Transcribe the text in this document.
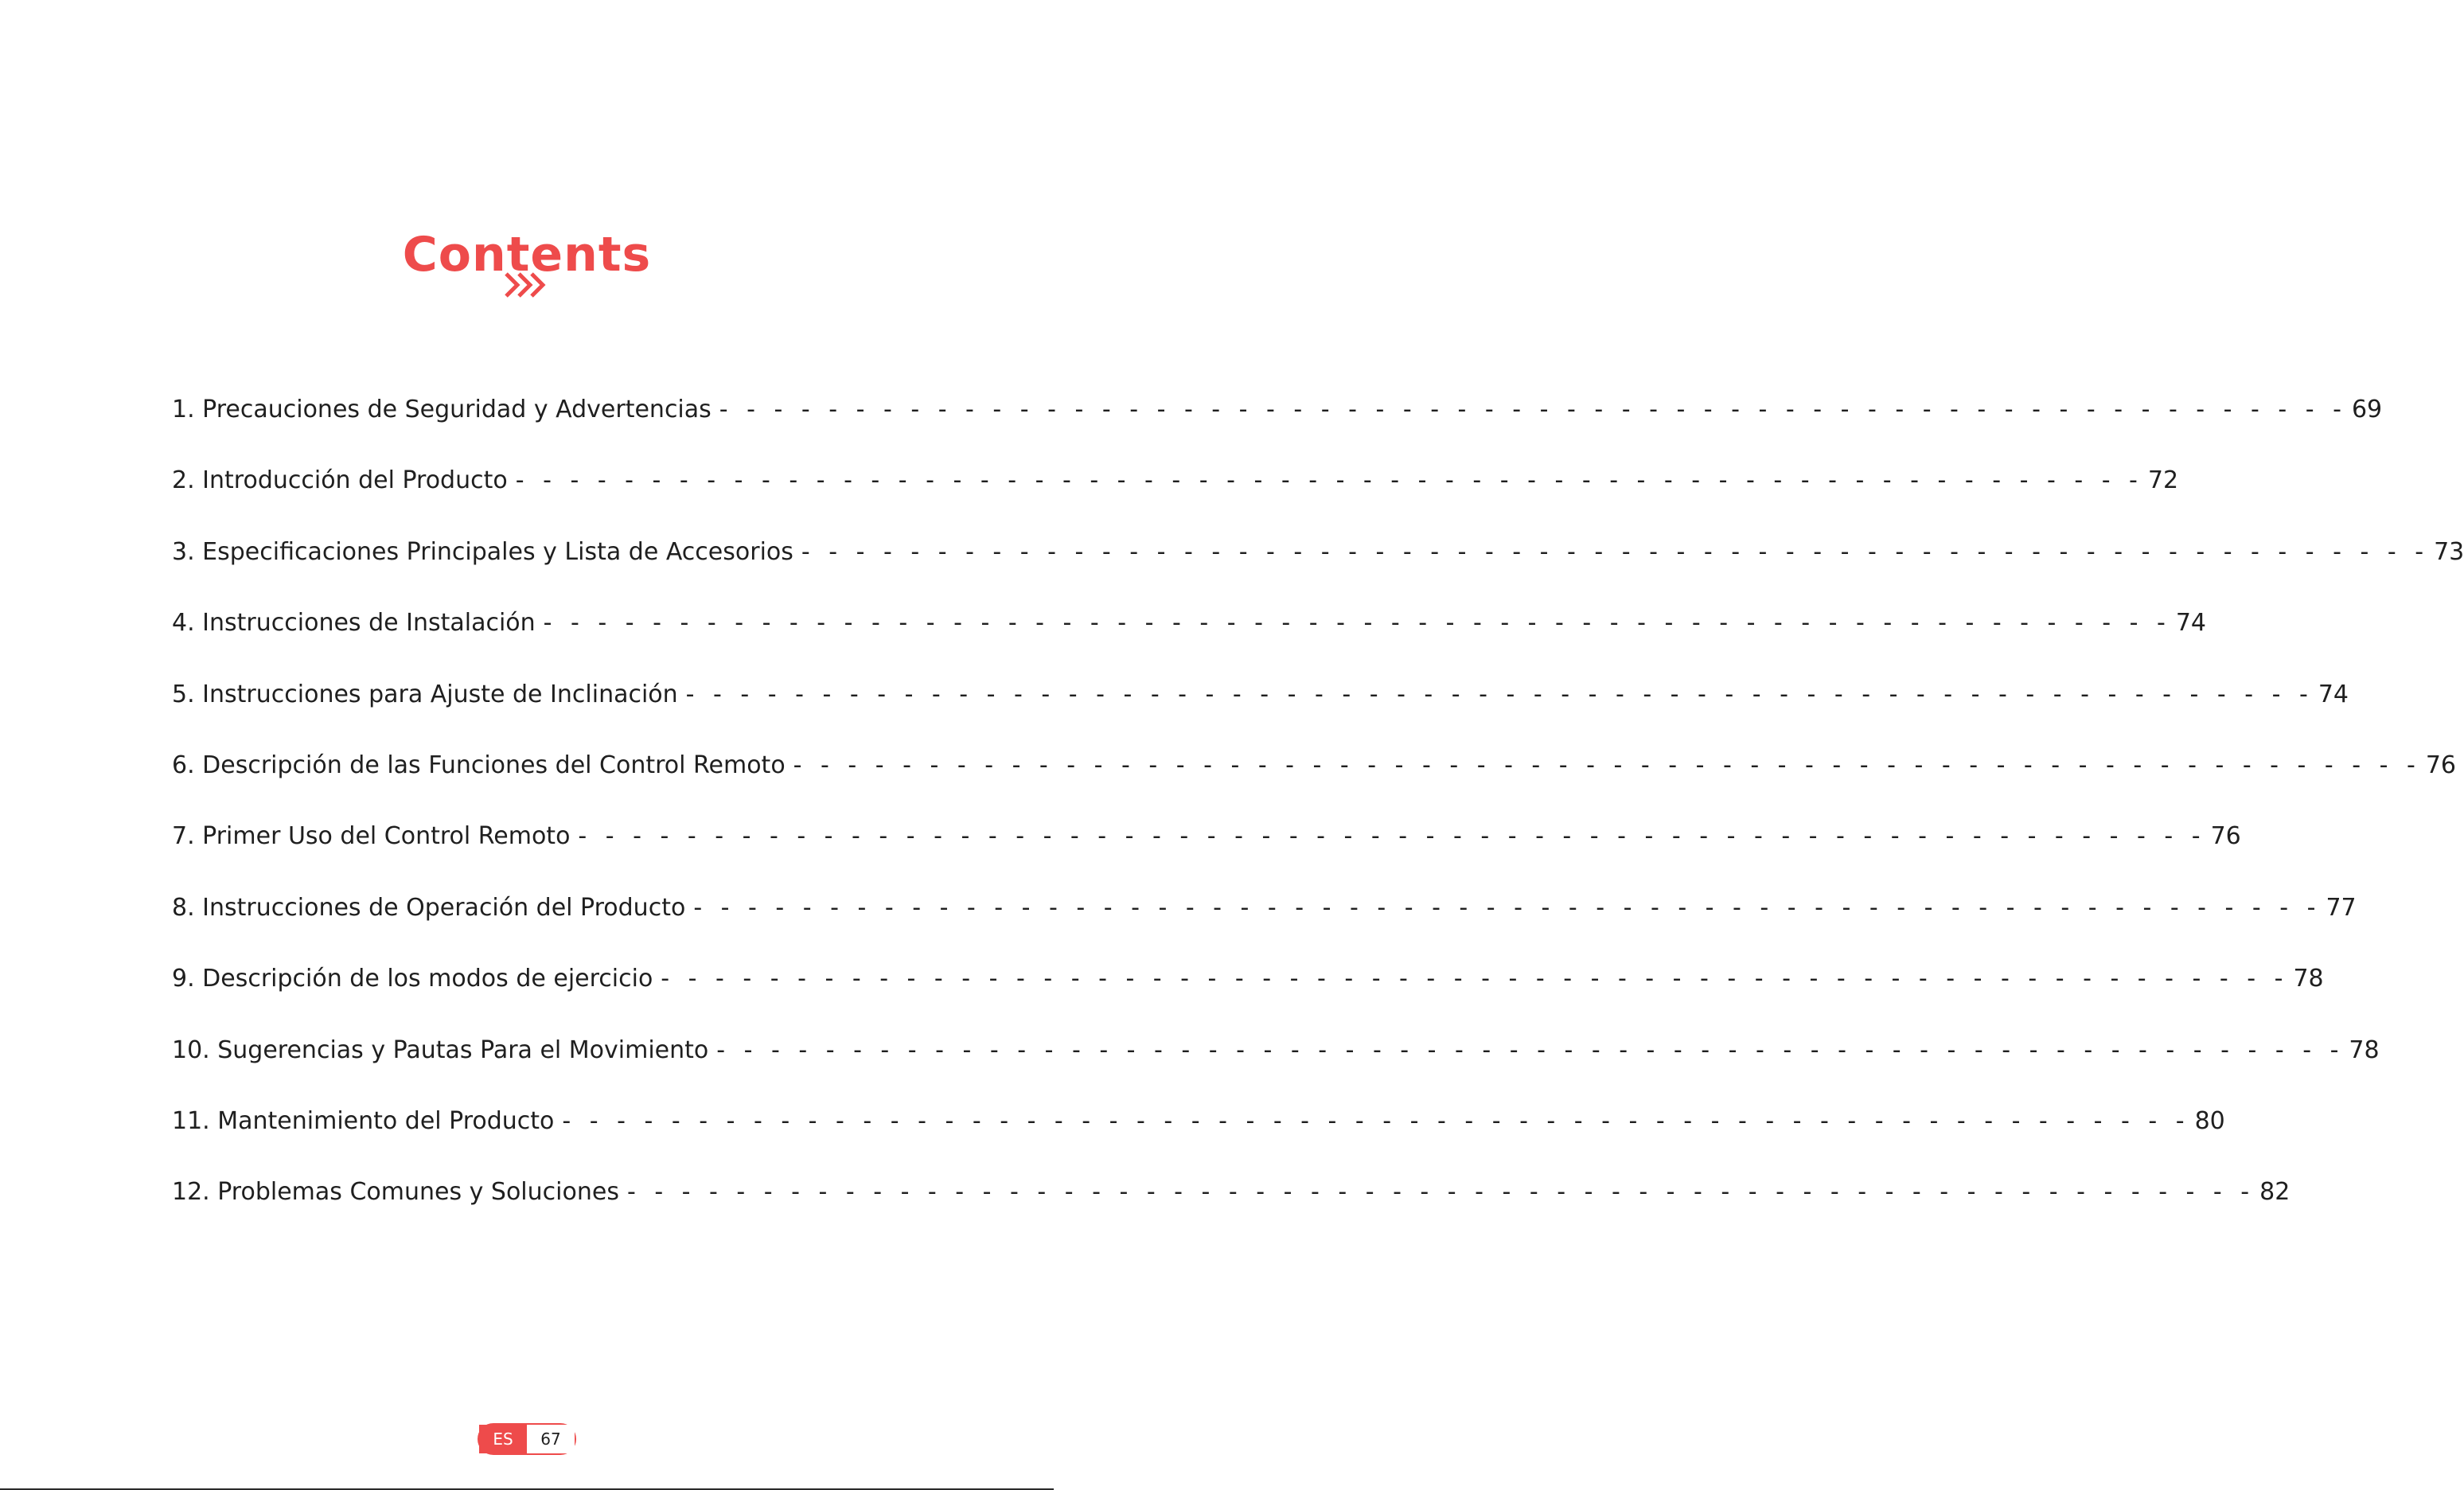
Contents
1. Precauciones de Seguridad y Advertencias - - - - - - - - - - - - - - - - - - - - - - - - - - - - - - - - - - - - - - - - - - - - - - - - - - - - - - - - - - - - 69
2. Introducción del Producto - - - - - - - - - - - - - - - - - - - - - - - - - - - - - - - - - - - - - - - - - - - - - - - - - - - - - - - - - - - - 72
3. Especificaciones Principales y Lista de Accesorios - - - - - - - - - - - - - - - - - - - - - - - - - - - - - - - - - - - - - - - - - - - - - - - - - - - - - - - - - - - - 73
4. Instrucciones de Instalación - - - - - - - - - - - - - - - - - - - - - - - - - - - - - - - - - - - - - - - - - - - - - - - - - - - - - - - - - - - - 74
5. Instrucciones para Ajuste de Inclinación - - - - - - - - - - - - - - - - - - - - - - - - - - - - - - - - - - - - - - - - - - - - - - - - - - - - - - - - - - - - 74
6. Descripción de las Funciones del Control Remoto - - - - - - - - - - - - - - - - - - - - - - - - - - - - - - - - - - - - - - - - - - - - - - - - - - - - - - - - - - - - 76
7. Primer Uso del Control Remoto - - - - - - - - - - - - - - - - - - - - - - - - - - - - - - - - - - - - - - - - - - - - - - - - - - - - - - - - - - - - 76
8. Instrucciones de Operación del Producto - - - - - - - - - - - - - - - - - - - - - - - - - - - - - - - - - - - - - - - - - - - - - - - - - - - - - - - - - - - - 77
9. Descripción de los modos de ejercicio - - - - - - - - - - - - - - - - - - - - - - - - - - - - - - - - - - - - - - - - - - - - - - - - - - - - - - - - - - - - 78
10. Sugerencias y Pautas Para el Movimiento - - - - - - - - - - - - - - - - - - - - - - - - - - - - - - - - - - - - - - - - - - - - - - - - - - - - - - - - - - - - 78
11. Mantenimiento del Producto - - - - - - - - - - - - - - - - - - - - - - - - - - - - - - - - - - - - - - - - - - - - - - - - - - - - - - - - - - - - 80
12. Problemas Comunes y Soluciones - - - - - - - - - - - - - - - - - - - - - - - - - - - - - - - - - - - - - - - - - - - - - - - - - - - - - - - - - - - - 82
ES	67
